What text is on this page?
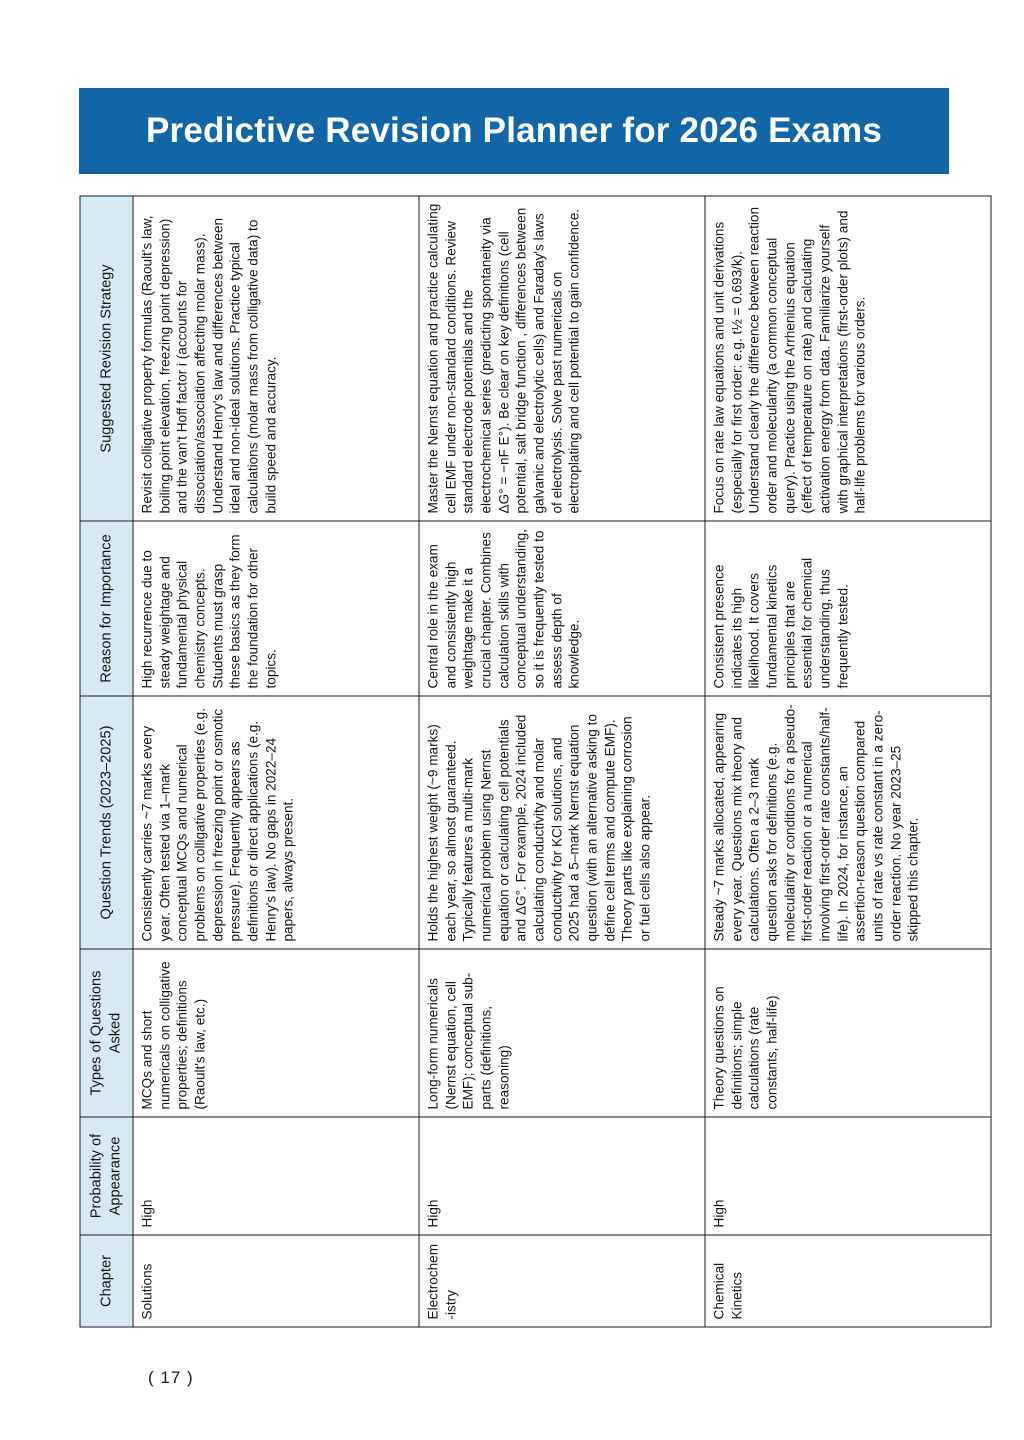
Predictive Revision Planner for 2026 Exams
Chapter	Probability of Appearance	Types of Questions Asked	Question Trends (2023–2025)	Reason for Importance	Suggested Revision Strategy
Solutions	High	MCQs and short numericals on colligative properties; definitions (Raoult's law, etc.)	Consistently carries ~7 marks every year. Often tested via 1–mark conceptual MCQs and numerical problems on colligative properties (e.g. depression in freezing point or osmotic pressure). Frequently appears as definitions or direct applications (e.g. Henry's law). No gaps in 2022–24 papers, always present.	High recurrence due to steady weightage and fundamental physical chemistry concepts. Students must grasp these basics as they form the foundation for other topics.	Revisit colligative property formulas (Raoult's law, boiling point elevation, freezing point depression) and the van't Hoff factor i (accounts for dissociation/association affecting molar mass). Understand Henry's law and differences between ideal and non-ideal solutions. Practice typical calculations (molar mass from colligative data) to build speed and accuracy.
Electrochem-istry	High	Long-form numericals (Nernst equation, cell EMF); conceptual sub-parts (definitions, reasoning)	Holds the highest weight (~9 marks) each year, so almost guaranteed. Typically features a multi-mark numerical problem using Nernst equation or calculating cell potentials and ΔG°. For example, 2024 included calculating conductivity and molar conductivity for KCl solutions, and 2025 had a 5–mark Nernst equation question (with an alternative asking to define cell terms and compute EMF). Theory parts like explaining corrosion or fuel cells also appear.	Central role in the exam and consistently high weightage make it a crucial chapter. Combines calculation skills with conceptual understanding, so it is frequently tested to assess depth of knowledge.	Master the Nernst equation and practice calculating cell EMF under non-standard conditions. Review standard electrode potentials and the electrochemical series (predicting spontaneity via ΔG° = −nF E°). Be clear on key definitions (cell potential, salt bridge function , differences between galvanic and electrolytic cells) and Faraday's laws of electrolysis. Solve past numericals on electroplating and cell potential to gain confidence.
Chemical Kinetics	High	Theory questions on definitions; simple calculations (rate constants, half-life)	Steady ~7 marks allocated, appearing every year. Questions mix theory and calculations. Often a 2–3 mark question asks for definitions (e.g. molecularity or conditions for a pseudo-first-order reaction or a numerical involving first-order rate constants/half-life). In 2024, for instance, an assertion-reason question compared units of rate vs rate constant in a zero-order reaction. No year 2023–25 skipped this chapter.	Consistent presence indicates its high likelihood. It covers fundamental kinetics principles that are essential for chemical understanding, thus frequently tested.	Focus on rate law equations and unit derivations (especially for first order: e.g. t½ = 0.693/k). Understand clearly the difference between reaction order and molecularity (a common conceptual query). Practice using the Arrhenius equation (effect of temperature on rate) and calculating activation energy from data. Familiarize yourself with graphical interpretations (first-order plots) and half-life problems for various orders.
( 17 )
